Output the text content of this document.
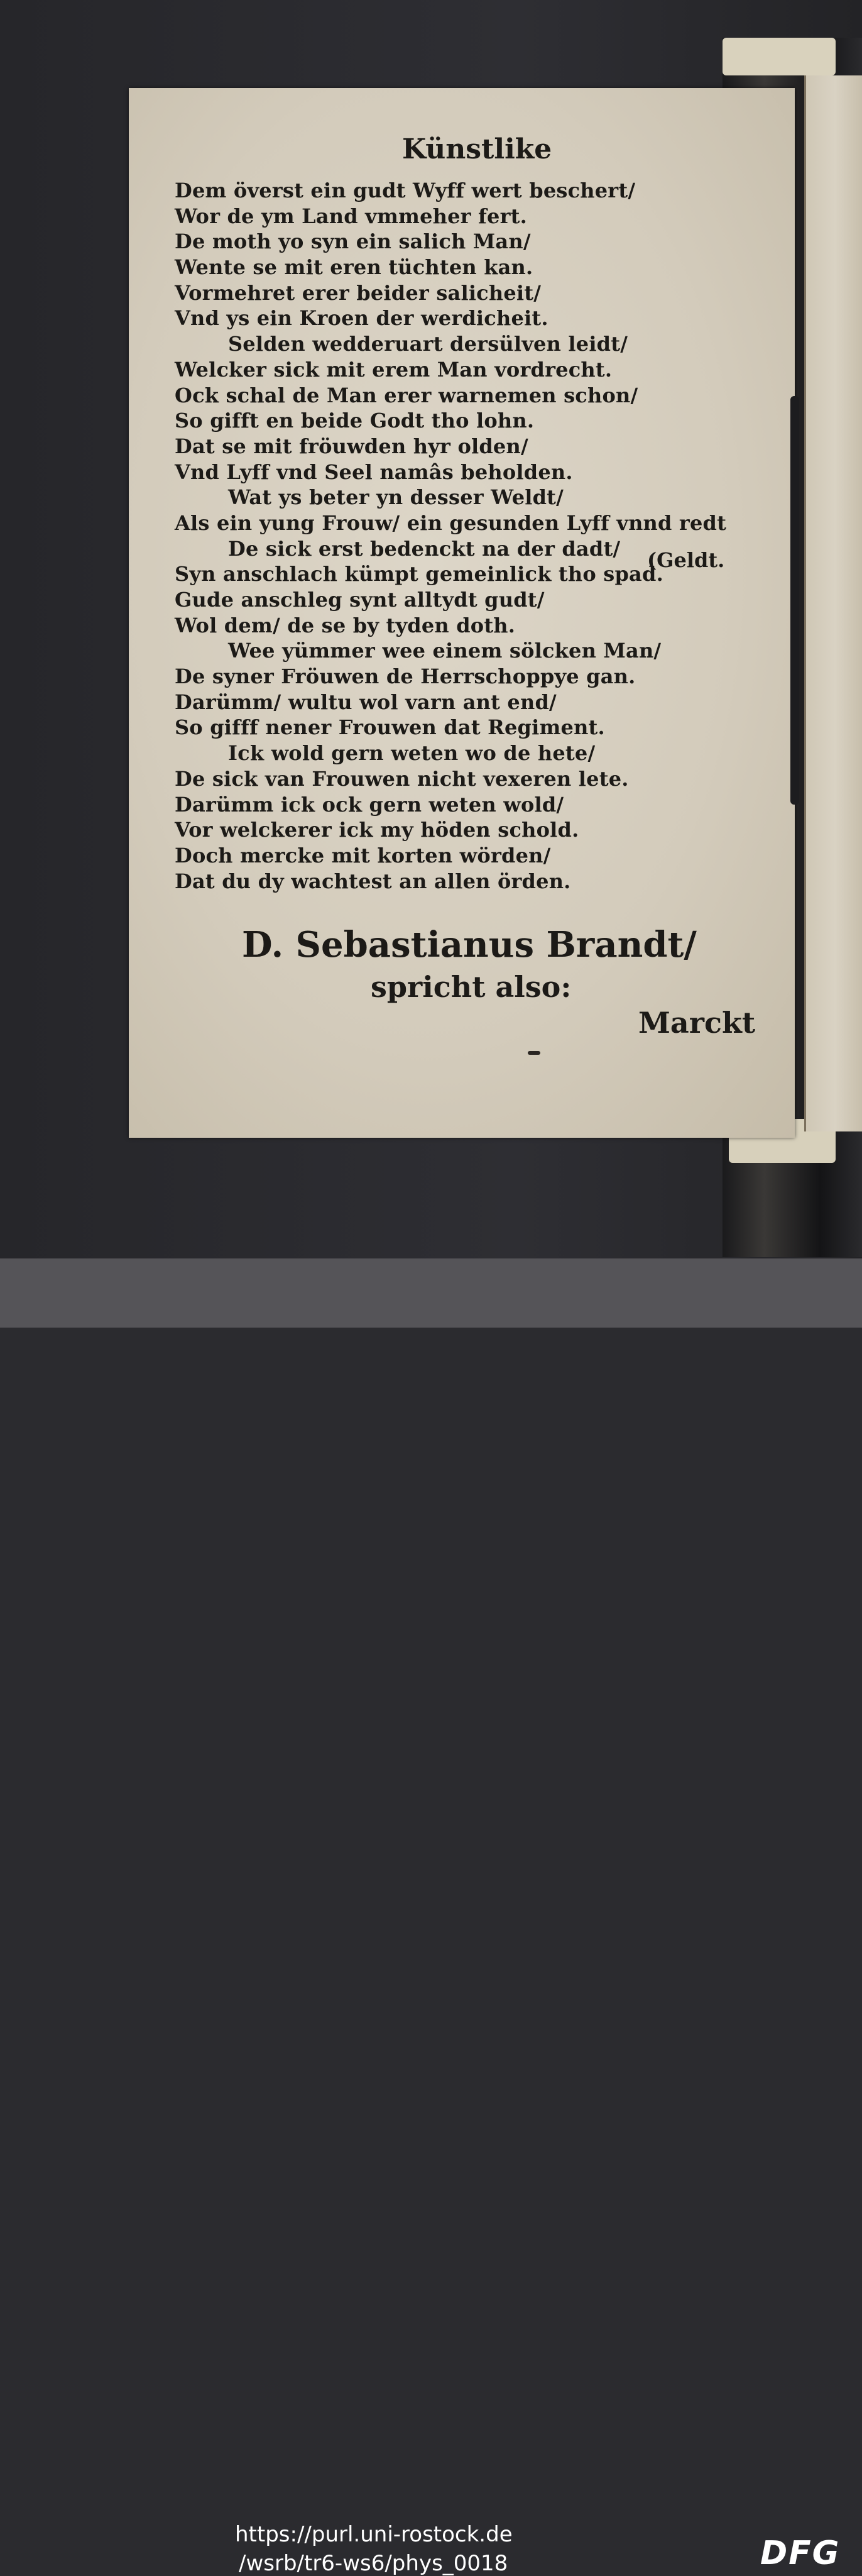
Künstlike
Dem överst ein gudt Wyff wert beschert/
Wor de ym Land vmmeher fert.
De moth yo syn ein salich Man/
Wente se mit eren tüchten kan.
Vormehret erer beider salicheit/
Vnd ys ein Kroen der werdicheit.
Selden wedderuart dersülven leidt/
Welcker sick mit erem Man vordrecht.
Ock schal de Man erer warnemen schon/
So gifft en beide Godt tho lohn.
Dat se mit fröuwden hyr olden/
Vnd Lyff vnd Seel namâs beholden.
Wat ys beter yn desser Weldt/
Als ein yung Frouw/ ein gesunden Lyff vnnd redt
De sick erst bedenckt na der dadt/
Syn anschlach kümpt gemeinlick tho spad.
Gude anschleg synt alltydt gudt/
Wol dem/ de se by tyden doth.
Wee yümmer wee einem sölcken Man/
De syner Fröuwen de Herrschoppye gan.
Darümm/ wultu wol varn ant end/
So gifff nener Frouwen dat Regiment.
Ick wold gern weten wo de hete/
De sick van Frouwen nicht vexeren lete.
Darümm ick ock gern weten wold/
Vor welckerer ick my höden schold.
Doch mercke mit korten wörden/
Dat du dy wachtest an allen örden.
(Geldt.
D. Sebastianus Brandt/
spricht also:
Marckt
https://purl.uni-rostock.de
/wsrb/tr6-ws6/phys_0018	DFG
